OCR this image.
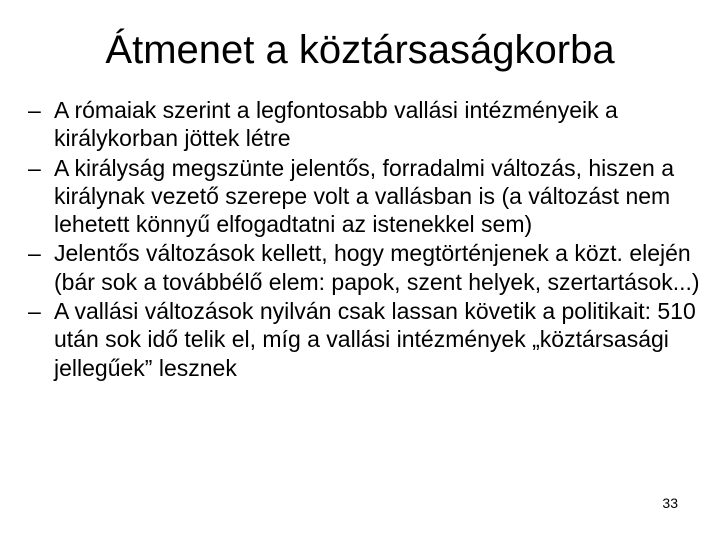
Átmenet a köztársaságkorba
– A rómaiak szerint a legfontosabb vallási intézményeik a királykorban jöttek létre
– A királyság megszünte jelentős, forradalmi változás, hiszen a királynak vezető szerepe volt a vallásban is (a változást nem lehetett könnyű elfogadtatni az istenekkel sem)
– Jelentős változások kellett, hogy megtörténjenek a közt. elején (bár sok a továbbélő elem: papok, szent helyek, szertartások...)
– A vallási változások nyilván csak lassan követik a politikait: 510 után sok idő telik el, míg a vallási intézmények „köztársasági jellegűek” lesznek
33
